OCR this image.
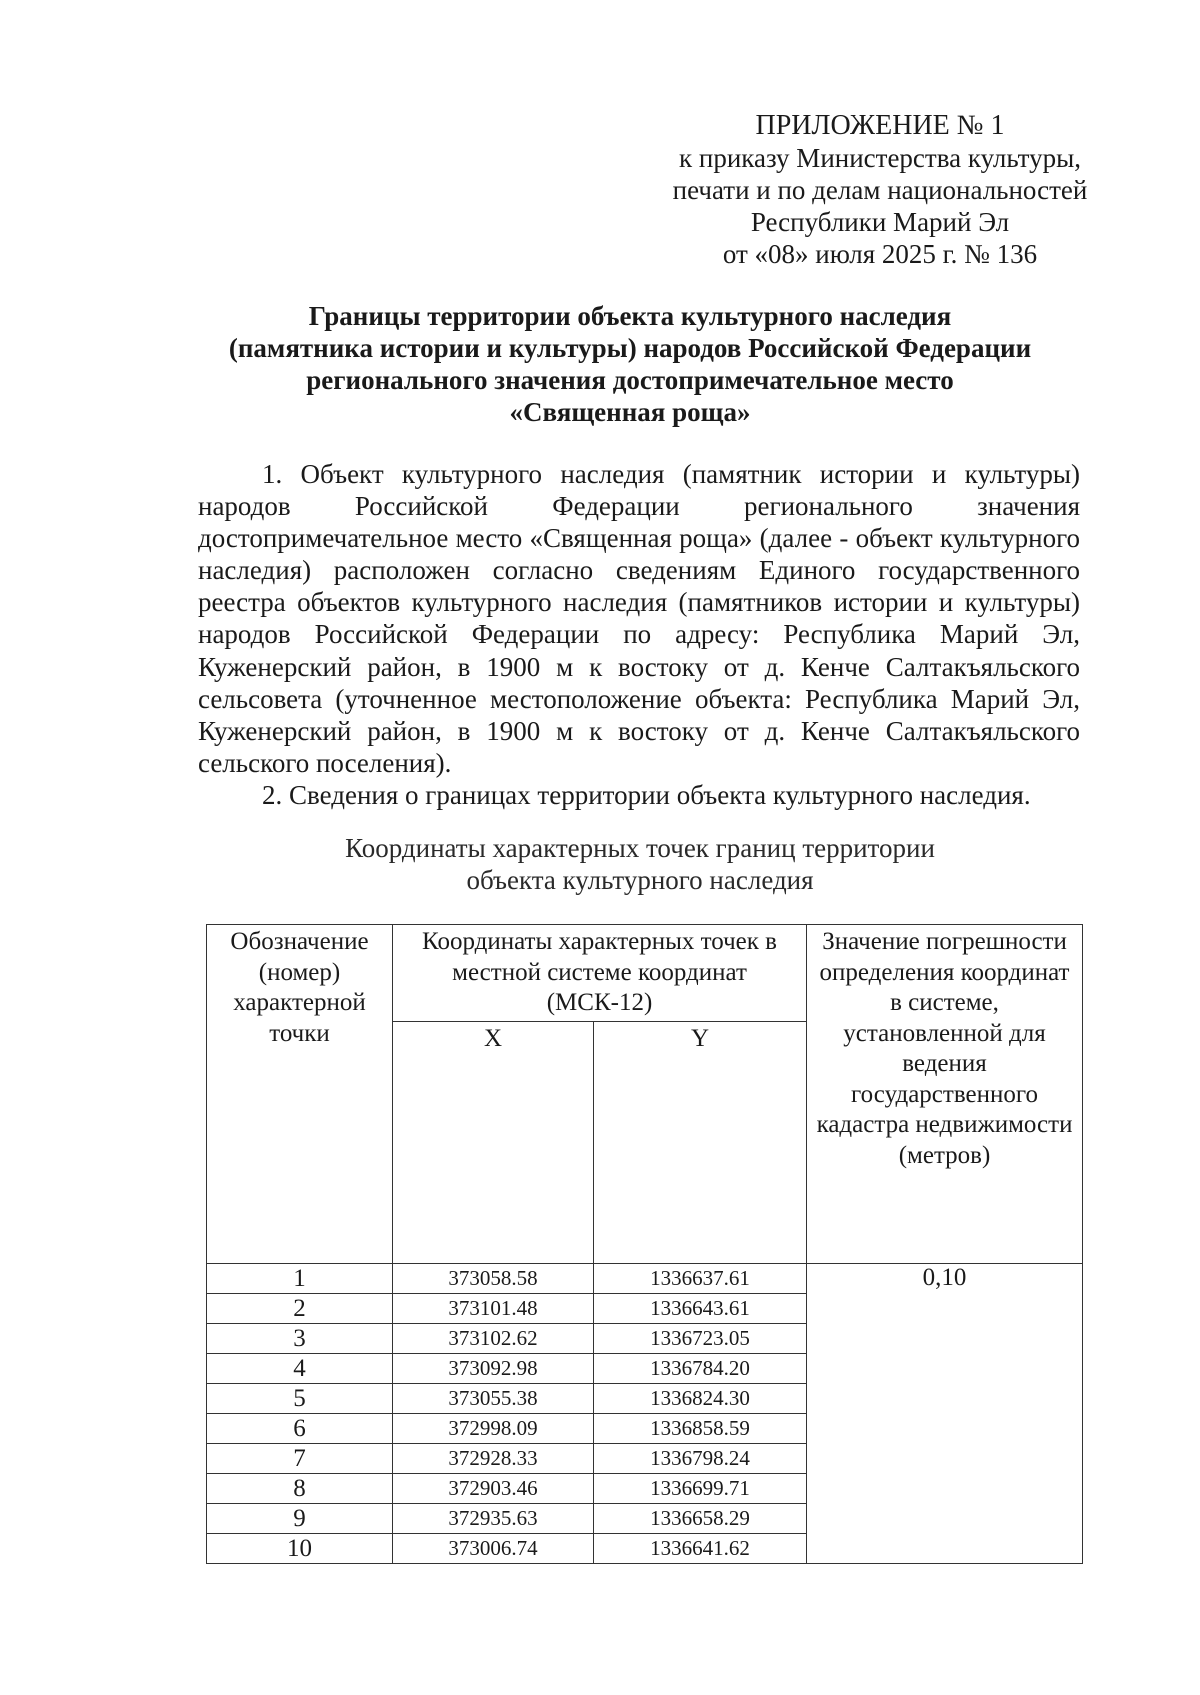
ПРИЛОЖЕНИЕ № 1
к приказу Министерства культуры,
печати и по делам национальностей
Республики Марий Эл
от «08» июля 2025 г. № 136
Границы территории объекта культурного наследия
(памятника истории и культуры) народов Российской Федерации
регионального значения достопримечательное место
«Священная роща»

1. Объект культурного наследия (памятник истории и культуры) народов Российской Федерации регионального значения достопримечательное место «Священная роща» (далее - объект культурного наследия) расположен согласно сведениям Единого государственного реестра объектов культурного наследия (памятников истории и культуры) народов Российской Федерации по адресу: Республика Марий Эл, Куженерский район, в 1900 м к востоку от д. Кенче Салтакъяльского сельсовета (уточненное местоположение объекта: Республика Марий Эл, Куженерский район, в 1900 м к востоку от д. Кенче Салтакъяльского сельского поселения).

2. Сведения о границах территории объекта культурного наследия.

Координаты характерных точек границ территории
объекта культурного наследия
Обозначение (номер) характерной точки	Координаты характерных точек в местной системе координат (МСК-12)		Значение погрешности определения координат в системе, установленной для ведения государственного кадастра недвижимости (метров)

	X	Y	

1	373058.58	1336637.61	0,10
2	373101.48	1336643.61	
3	373102.62	1336723.05	
4	373092.98	1336784.20	
5	373055.38	1336824.30	
6	372998.09	1336858.59	
7	372928.33	1336798.24	
8	372903.46	1336699.71	
9	372935.63	1336658.29	
10	373006.74	1336641.62	
